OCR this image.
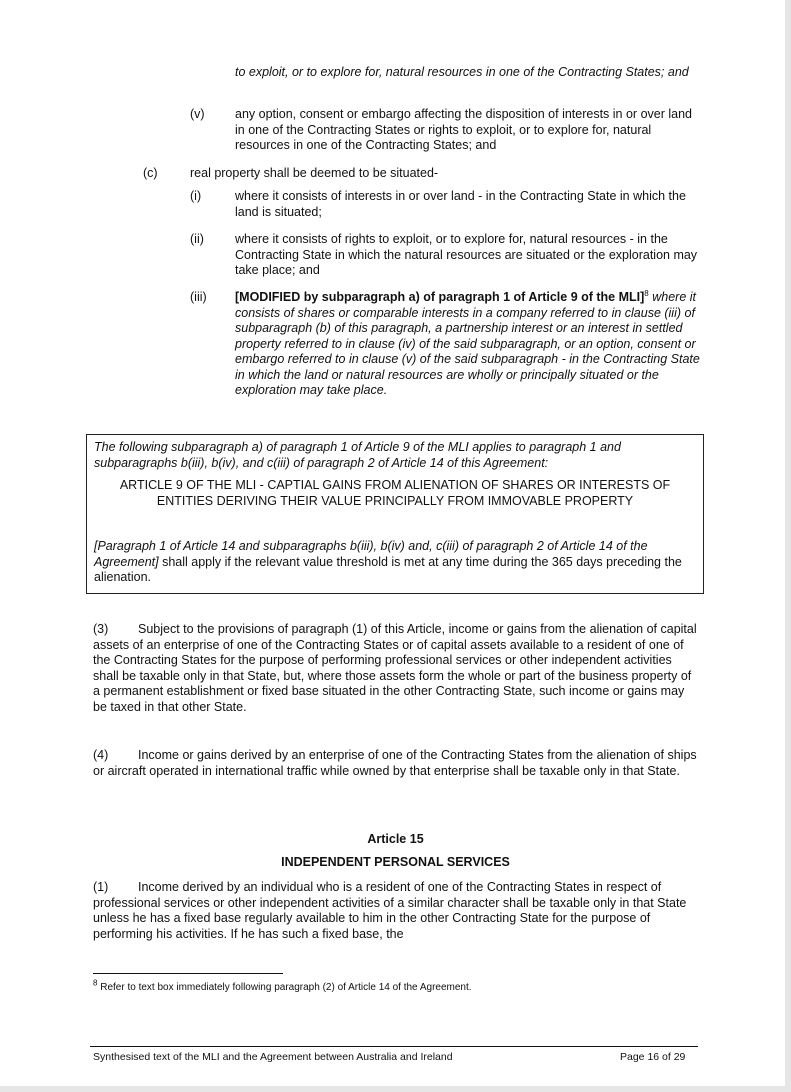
to exploit, or to explore for, natural resources in one of the Contracting States; and

(v) any option, consent or embargo affecting the disposition of interests in or over land in one of the Contracting States or rights to exploit, or to explore for, natural resources in one of the Contracting States; and

(c)	real property shall be deemed to be situated-

(i)	where it consists of interests in or over land - in the Contracting State in which the land is situated;

(ii) where it consists of rights to exploit, or to explore for, natural resources - in the Contracting State in which the natural resources are situated or the exploration may take place; and

(iii) [MODIFIED by subparagraph a) of paragraph 1 of Article 9 of the MLI]$^8$ where it consists of shares or comparable interests in a company referred to in clause (iii) of subparagraph (b) of this paragraph, a partnership interest or an interest in settled property referred to in clause (iv) of the said subparagraph, or an option, consent or embargo referred to in clause (v) of the said subparagraph - in the Contracting State in which the land or natural resources are wholly or principally situated or the exploration may take place.

The following subparagraph a) of paragraph 1 of Article 9 of the MLI applies to paragraph 1 and subparagraphs b(iii), b(iv), and c(iii) of paragraph 2 of Article 14 of this Agreement:

ARTICLE 9 OF THE MLI - CAPTIAL GAINS FROM ALIENATION OF SHARES OR INTERESTS OF ENTITIES DERIVING THEIR VALUE PRINCIPALLY FROM IMMOVABLE PROPERTY

[Paragraph 1 of Article 14 and subparagraphs b(iii), b(iv) and, c(iii) of paragraph 2 of Article 14 of the Agreement] shall apply if the relevant value threshold is met at any time during the 365 days preceding the alienation.

(3) Subject to the provisions of paragraph (1) of this Article, income or gains from the alienation of capital assets of an enterprise of one of the Contracting States or of capital assets available to a resident of one of the Contracting States for the purpose of performing professional services or other independent activities shall be taxable only in that State, but, where those assets form the whole or part of the business property of a permanent establishment or fixed base situated in the other Contracting State, such income or gains may be taxed in that other State.

(4) Income or gains derived by an enterprise of one of the Contracting States from the alienation of ships or aircraft operated in international traffic while owned by that enterprise shall be taxable only in that State.

Article 15

INDEPENDENT PERSONAL SERVICES

(1) Income derived by an individual who is a resident of one of the Contracting States in respect of professional services or other independent activities of a similar character shall be taxable only in that State unless he has a fixed base regularly available to him in the other Contracting State for the purpose of performing his activities. If he has such a fixed base, the

$^8$ Refer to text box immediately following paragraph (2) of Article 14 of the Agreement.

Synthesised text of the MLI and the Agreement between Australia and Ireland	Page 16 of 29
